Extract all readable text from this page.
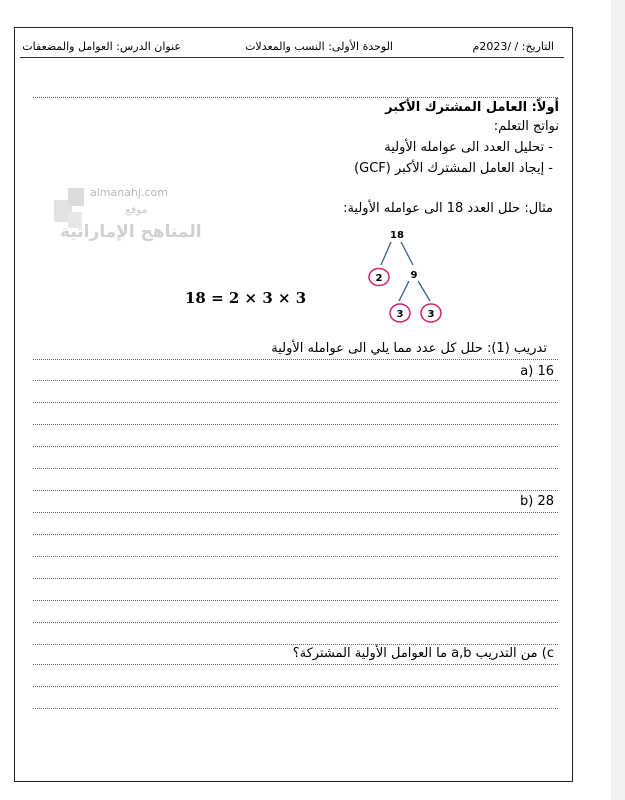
التاريخ: / /2023م
الوحدة الأولى: النسب والمعدلات
عنوان الدرس: العوامل والمضعفات
أولاً: العامل المشترك الأكبر
نواتج التعلم:
- تحليل العدد الى عوامله الأولية
- إيجاد العامل المشترك الأكبر (GCF)
almanahj.com
موقع
المناهج الإماراتية
مثال: حلل العدد 18 الى عوامله الأولية:
18
2	9
3 3
18 = 2 × 3 × 3
تدريب (1): حلل كل عدد مما يلي الى عوامله الأولية
16 (a
28 (b
c) من التدريب a,b ما العوامل الأولية المشتركة؟
